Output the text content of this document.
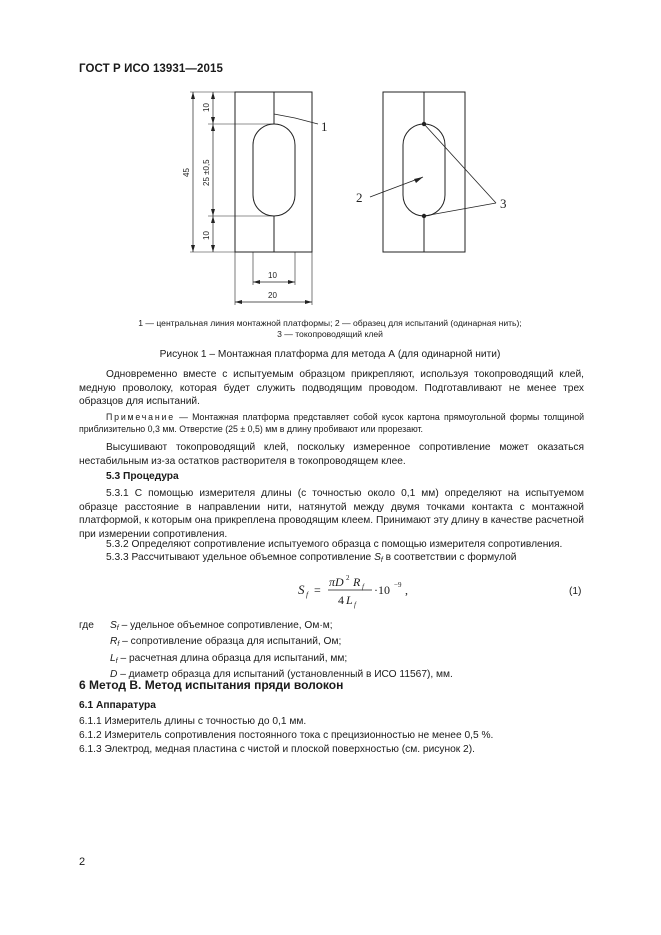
ГОСТ Р ИСО 13931—2015
10
25 ±0,5
45
10
10
20
1
2	3
1 — центральная линия монтажной платформы; 2 — образец для испытаний (одинарная нить);
3 — токопроводящий клей
Рисунок 1 – Монтажная платформа для метода А (для одинарной нити)
Одновременно вместе с испытуемым образцом прикрепляют, используя токопроводящий клей, медную проволоку, которая будет служить подводящим проводом. Подготавливают не менее трех образцов для испытаний.
Примечание — Монтажная платформа представляет собой кусок картона прямоугольной формы толщиной приблизительно 0,3 мм. Отверстие (25 ± 0,5) мм в длину пробивают или прорезают.
Высушивают токопроводящий клей, поскольку измеренное сопротивление может оказаться нестабильным из-за остатков растворителя в токопроводящем клее.
5.3 Процедура
5.3.1 С помощью измерителя длины (с точностью около 0,1 мм) определяют на испытуемом образце расстояние в направлении нити, натянутой между двумя точками контакта с монтажной платформой, к которым она прикреплена проводящим клеем. Принимают эту длину в качестве расчетной при измерении сопротивления.
5.3.2 Определяют сопротивление испытуемого образца с помощью измерителя сопротивления.
5.3.3 Рассчитывают удельное объемное сопротивление $S_f$ в соответствии с формулой
S f =
πD 2 R f
4 L f
·10 −9 ,	(1)
где $S_f$ – удельное объемное сопротивление, Ом·м;
$R_f$ – сопротивление образца для испытаний, Ом;
$L_f$ – расчетная длина образца для испытаний, мм;
D – диаметр образца для испытаний (установленный в ИСО 11567), мм.
6 Метод В. Метод испытания пряди волокон
6.1 Аппаратура
6.1.1 Измеритель длины с точностью до 0,1 мм.
6.1.2 Измеритель сопротивления постоянного тока с прецизионностью не менее 0,5 %.
6.1.3 Электрод, медная пластина с чистой и плоской поверхностью (см. рисунок 2).
2
